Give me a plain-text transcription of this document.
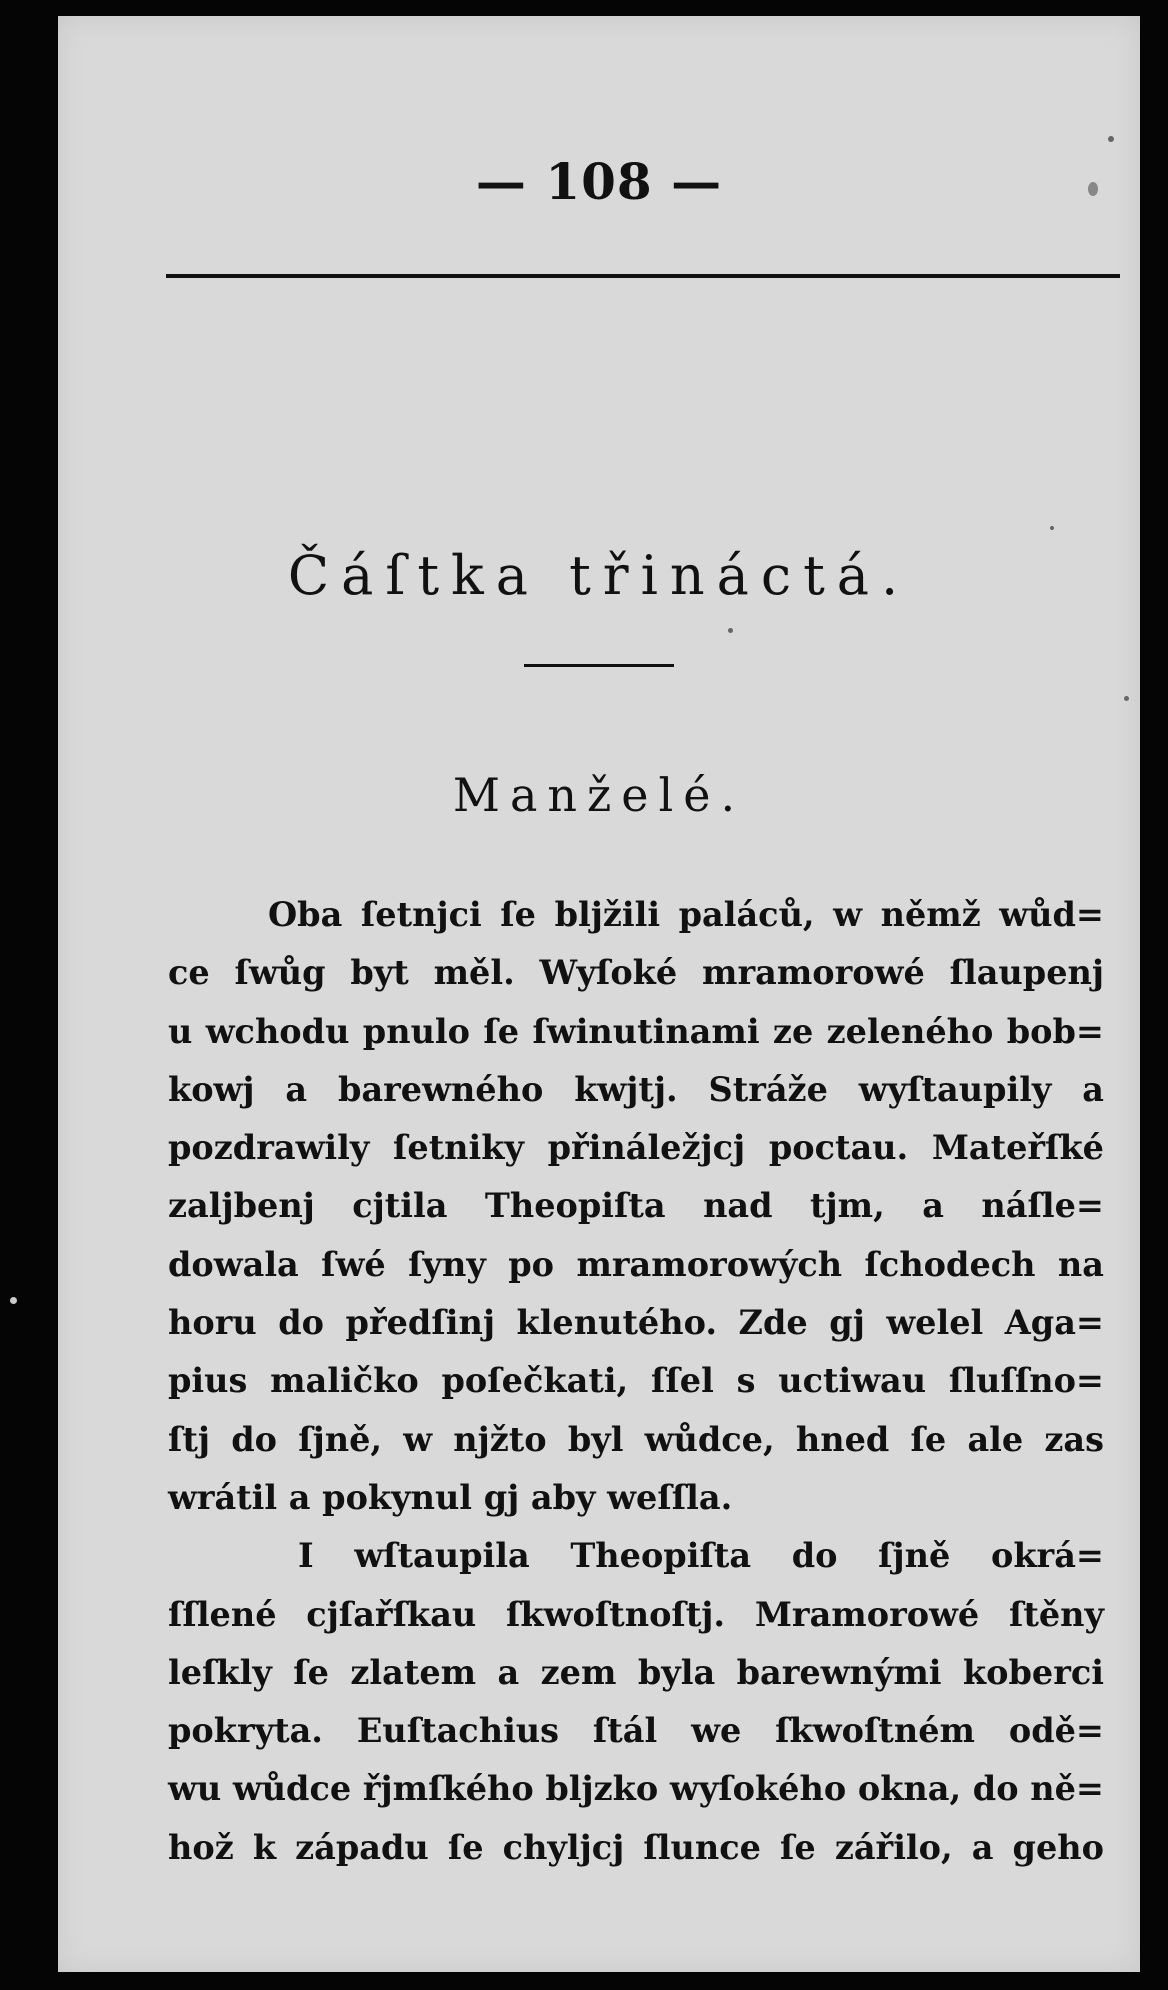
— 108 —
Čáſtka třináctá.
Manželé.
Oba ſetnjci ſe bljžili paláců, w němž wůd=
ce ſwůg byt měl. Wyſoké mramorowé ſlaupenj
u wchodu pnulo ſe ſwinutinami ze zeleného bob=
kowj a barewného kwjtj. Stráže wyſtaupily a
pozdrawily ſetniky přináležjcj poctau. Mateřſké
zaljbenj cjtila Theopiſta nad tjm, a náſle=
dowala ſwé ſyny po mramorowých ſchodech na
horu do předſinj klenutého. Zde gj welel Aga=
pius maličko poſečkati, ſſel s uctiwau ſluſſno=
ſtj do ſjně, w njžto byl wůdce, hned ſe ale zas
wrátil a pokynul gj aby weſſla.
I wſtaupila Theopiſta do ſjně okrá=
ſſlené cjſařſkau ſkwoſtnoſtj. Mramorowé ſtěny
leſkly ſe zlatem a zem byla barewnými koberci
pokryta. Euſtachius ſtál we ſkwoſtném odě=
wu wůdce řjmſkého bljzko wyſokého okna, do ně=
hož k západu ſe chyljcj ſlunce ſe zářilo, a geho
